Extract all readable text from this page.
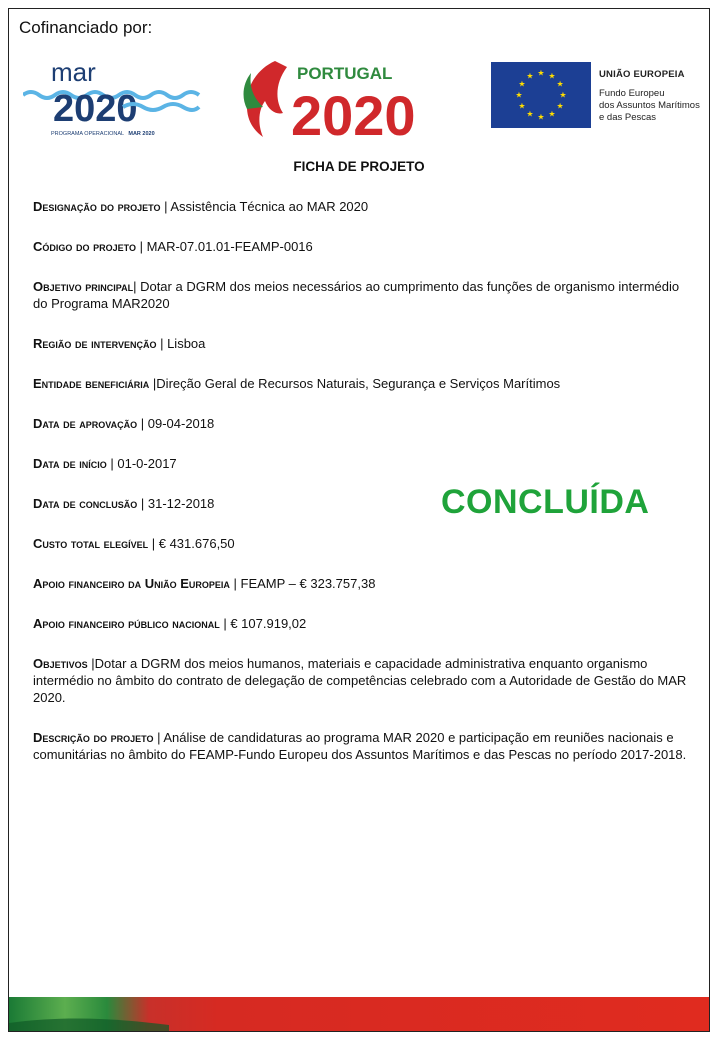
Cofinanciado por:
mar
2020
PROGRAMA OPERACIONAL MAR 2020
PORTUGAL
2020	★
★
★
★
★
★
★
★
★ ★ ★
★
UNIÃO EUROPEIA
Fundo Europeu
dos Assuntos Marítimos
e das Pescas
FICHA DE PROJETO

Designação do projeto | Assistência Técnica ao MAR 2020

Código do projeto | MAR-07.01.01-FEAMP-0016

Objetivo principal| Dotar a DGRM dos meios necessários ao cumprimento das funções de organismo intermédio do Programa MAR2020

Região de intervenção | Lisboa

Entidade beneficiária |Direção Geral de Recursos Naturais, Segurança e Serviços Marítimos

Data de aprovação | 09-04-2018

Data de início | 01-0-2017

Data de conclusão | 31-12-2018

Custo total elegível | € 431.676,50

Apoio financeiro da União Europeia | FEAMP – € 323.757,38

Apoio financeiro público nacional | € 107.919,02

Objetivos |Dotar a DGRM dos meios humanos, materiais e capacidade administrativa enquanto organismo intermédio no âmbito do contrato de delegação de competências celebrado com a Autoridade de Gestão do MAR 2020.

Descrição do projeto | Análise de candidaturas ao programa MAR 2020 e participação em reuniões nacionais e comunitárias no âmbito do FEAMP-Fundo Europeu dos Assuntos Marítimos e das Pescas no período 2017-2018.

CONCLUÍDA
